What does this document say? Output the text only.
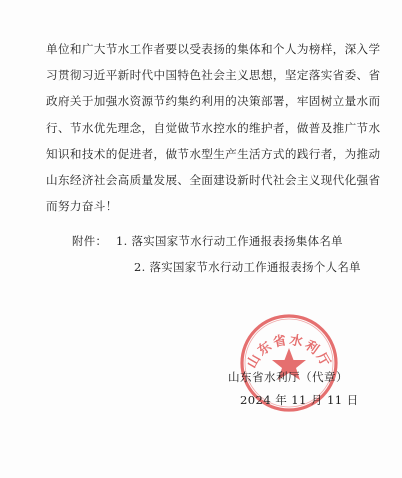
单位和广大节水工作者要以受表扬的集体和个人为榜样，深入学
习贯彻习近平新时代中国特色社会主义思想，坚定落实省委、省
政府关于加强水资源节约集约利用的决策部署，牢固树立量水而
行、节水优先理念，自觉做节水控水的维护者，做普及推广节水
知识和技术的促进者，做节水型生产生活方式的践行者，为推动
山东经济社会高质量发展、全面建设新时代社会主义现代化强省
而努力奋斗！
附件： 1. 落实国家节水行动工作通报表扬集体名单
2. 落实国家节水行动工作通报表扬个人名单
山东省水利厅
山东省水利厅（代章）
2024 年 11 月 11 日
